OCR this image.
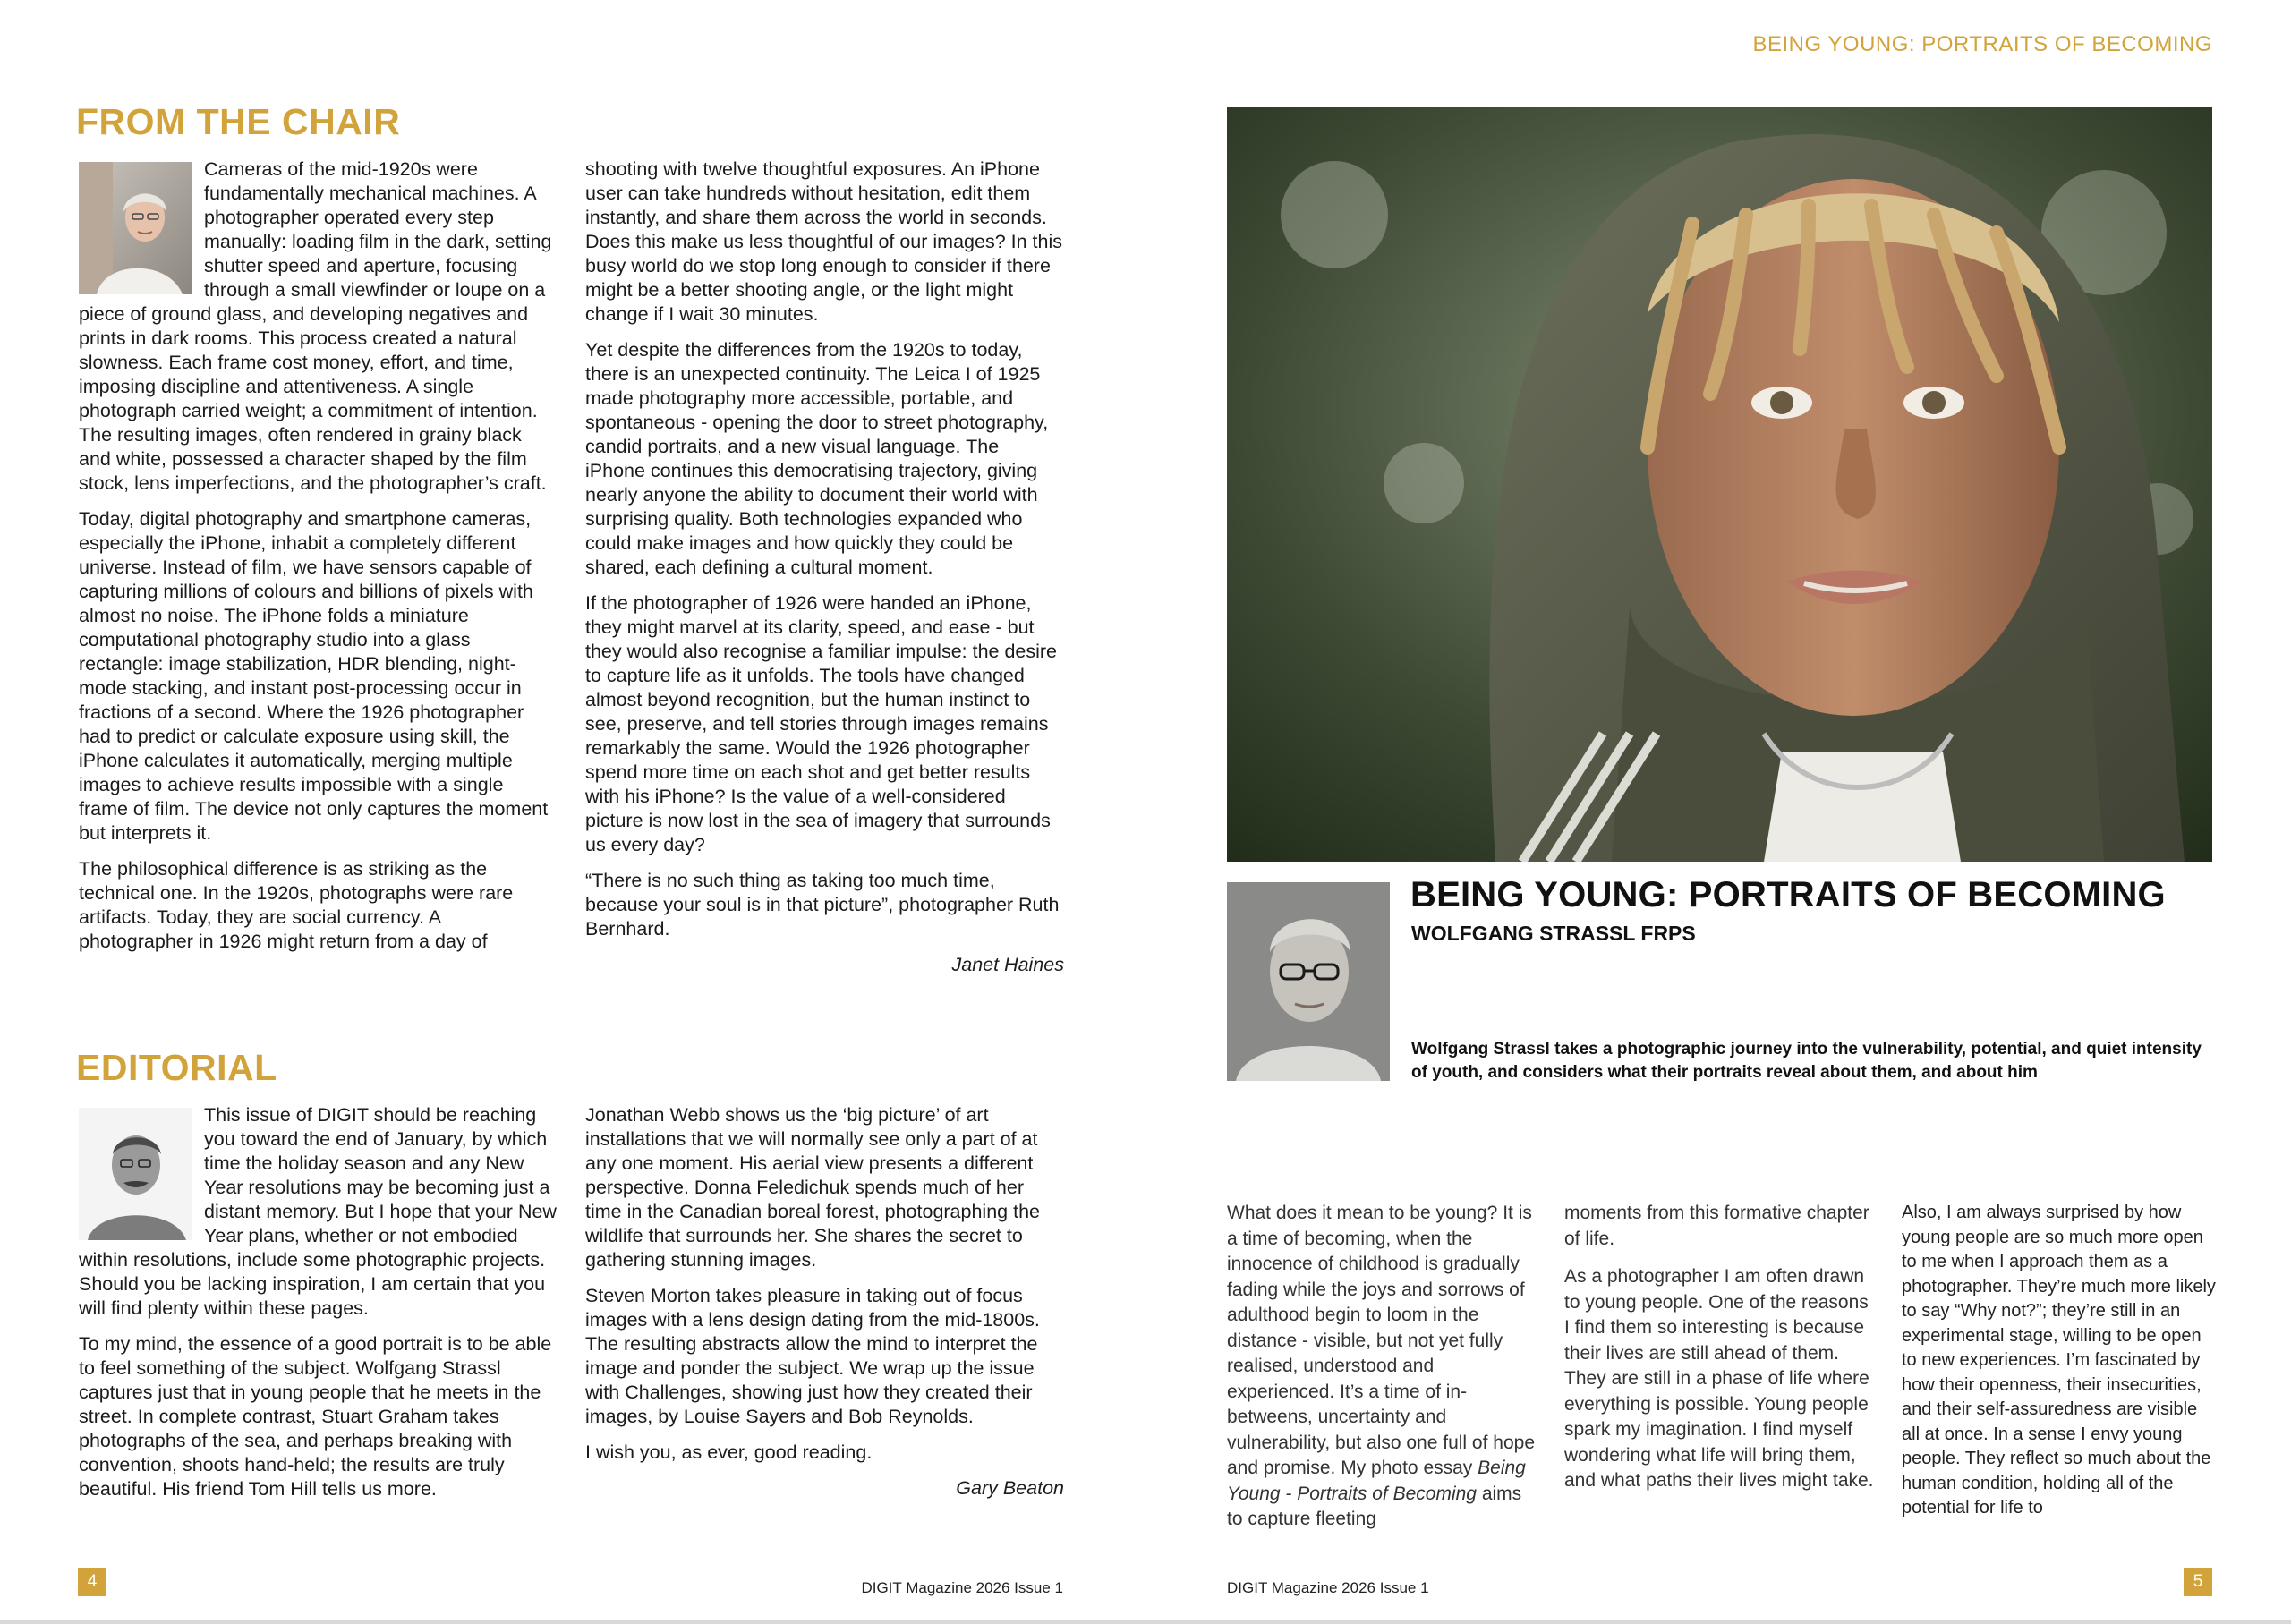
FROM THE CHAIR

Cameras of the mid-1920s were fundamentally mechanical machines. A photographer operated every step manually: loading film in the dark, setting shutter speed and aperture, focusing through a small viewfinder or loupe on a piece of ground glass, and developing negatives and prints in dark rooms. This process created a natural slowness. Each frame cost money, effort, and time, imposing discipline and attentiveness. A single photograph carried weight; a commitment of intention. The resulting images, often rendered in grainy black and white, possessed a character shaped by the film stock, lens imperfections, and the photographer’s craft.

Today, digital photography and smartphone cameras, especially the iPhone, inhabit a completely different universe. Instead of film, we have sensors capable of capturing millions of colours and billions of pixels with almost no noise. The iPhone folds a miniature computational photography studio into a glass rectangle: image stabilization, HDR blending, night-mode stacking, and instant post-processing occur in fractions of a second. Where the 1926 photographer had to predict or calculate exposure using skill, the iPhone calculates it automatically, merging multiple images to achieve results impossible with a single frame of film. The device not only captures the moment but interprets it.

The philosophical difference is as striking as the technical one. In the 1920s, photographs were rare artifacts. Today, they are social currency. A photographer in 1926 might return from a day of

shooting with twelve thoughtful exposures. An iPhone user can take hundreds without hesitation, edit them instantly, and share them across the world in seconds. Does this make us less thoughtful of our images? In this busy world do we stop long enough to consider if there might be a better shooting angle, or the light might change if I wait 30 minutes.

Yet despite the differences from the 1920s to today, there is an unexpected continuity. The Leica I of 1925 made photography more accessible, portable, and spontaneous - opening the door to street photography, candid portraits, and a new visual language. The iPhone continues this democratising trajectory, giving nearly anyone the ability to document their world with surprising quality. Both technologies expanded who could make images and how quickly they could be shared, each defining a cultural moment.

If the photographer of 1926 were handed an iPhone, they might marvel at its clarity, speed, and ease - but they would also recognise a familiar impulse: the desire to capture life as it unfolds. The tools have changed almost beyond recognition, but the human instinct to see, preserve, and tell stories through images remains remarkably the same. Would the 1926 photographer spend more time on each shot and get better results with his iPhone? Is the value of a well-considered picture is now lost in the sea of imagery that surrounds us every day?

“There is no such thing as taking too much time, because your soul is in that picture”, photographer Ruth Bernhard.

Janet Haines
EDITORIAL

This issue of DIGIT should be reaching you toward the end of January, by which time the holiday season and any New Year resolutions may be becoming just a distant memory. But I hope that your New Year plans, whether or not embodied within resolutions, include some photographic projects. Should you be lacking inspiration, I am certain that you will find plenty within these pages.

To my mind, the essence of a good portrait is to be able to feel something of the subject. Wolfgang Strassl captures just that in young people that he meets in the street. In complete contrast, Stuart Graham takes photographs of the sea, and perhaps breaking with convention, shoots hand-held; the results are truly beautiful. His friend Tom Hill tells us more.

Jonathan Webb shows us the ‘big picture’ of art installations that we will normally see only a part of at any one moment. His aerial view presents a different perspective. Donna Feledichuk spends much of her time in the Canadian boreal forest, photographing the wildlife that surrounds her. She shares the secret to gathering stunning images.

Steven Morton takes pleasure in taking out of focus images with a lens design dating from the mid-1800s. The resulting abstracts allow the mind to interpret the image and ponder the subject. We wrap up the issue with Challenges, showing just how they created their images, by Louise Sayers and Bob Reynolds.

I wish you, as ever, good reading.

Gary Beaton
4	DIGIT Magazine 2026 Issue 1	DIGIT Magazine 2026 Issue 1	5
BEING YOUNG: PORTRAITS OF BECOMING
BEING YOUNG: PORTRAITS OF BECOMING
WOLFGANG STRASSL FRPS
Wolfgang Strassl takes a photographic journey into the vulnerability, potential, and quiet intensity of youth, and considers what their portraits reveal about them, and about him

What does it mean to be young? It is a time of becoming, when the innocence of childhood is gradually fading while the joys and sorrows of adulthood begin to loom in the distance - visible, but not yet fully realised, understood and experienced. It’s a time of in-betweens, uncertainty and vulnerability, but also one full of hope and promise. My photo essay Being Young - Portraits of Becoming aims to capture fleeting

moments from this formative chapter of life.

As a photographer I am often drawn to young people. One of the reasons I find them so interesting is because their lives are still ahead of them. They are still in a phase of life where everything is possible. Young people spark my imagination. I find myself wondering what life will bring them, and what paths their lives might take.

Also, I am always surprised by how young people are so much more open to me when I approach them as a photographer. They’re much more likely to say “Why not?”; they’re still in an experimental stage, willing to be open to new experiences. I’m fascinated by how their openness, their insecurities, and their self-assuredness are visible all at once. In a sense I envy young people. They reflect so much about the human condition, holding all of the potential for life to
